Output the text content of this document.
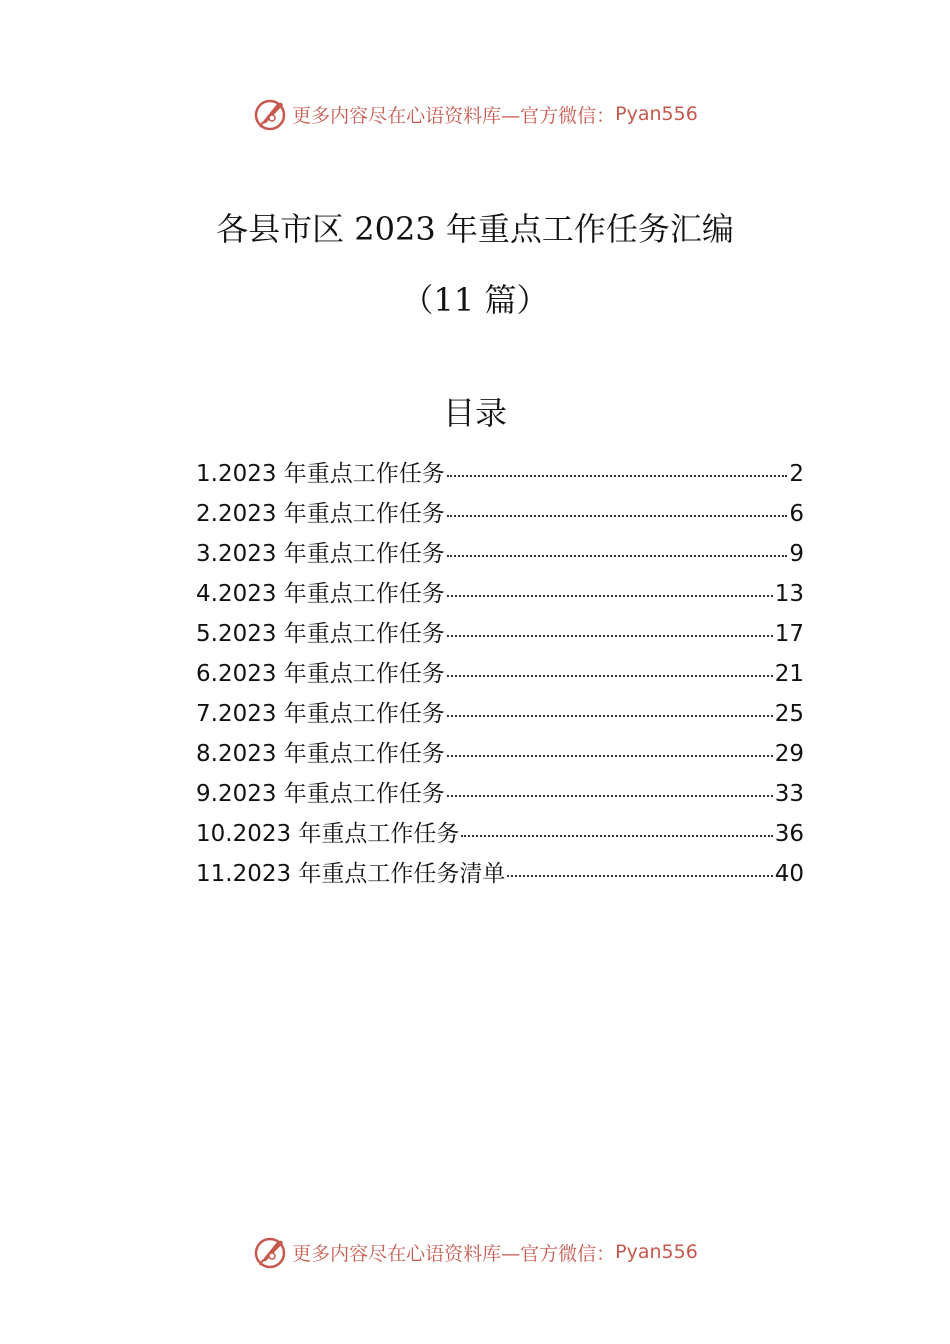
更多内容尽在心语资料库—官方微信： Pyan556
各县市区 2023 年重点工作任务汇编
（11 篇）
目录
1.2023 年重点工作任务	2
2.2023 年重点工作任务	6
3.2023 年重点工作任务	9
4.2023 年重点工作任务	13
5.2023 年重点工作任务	17
6.2023 年重点工作任务	21
7.2023 年重点工作任务	25
8.2023 年重点工作任务	29
9.2023 年重点工作任务	33
10.2023 年重点工作任务	36
11.2023 年重点工作任务清单	40
更多内容尽在心语资料库—官方微信： Pyan556
